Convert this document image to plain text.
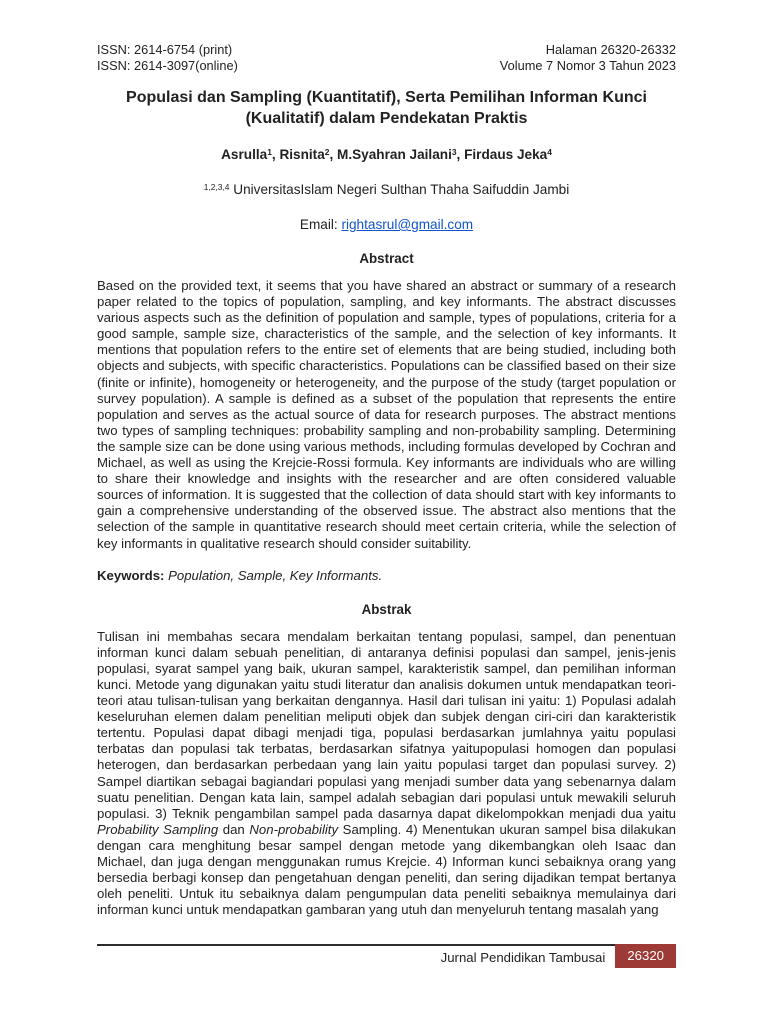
ISSN: 2614-6754 (print)
ISSN: 2614-3097(online)
Halaman 26320-26332
Volume 7 Nomor 3 Tahun 2023
Populasi dan Sampling (Kuantitatif), Serta Pemilihan Informan Kunci (Kualitatif) dalam Pendekatan Praktis
Asrulla$^1$, Risnita$^2$, M.Syahran Jailani$^3$, Firdaus Jeka$^4$
$^{1,2,3,4}$ UniversitasIslam Negeri Sulthan Thaha Saifuddin Jambi
Email: rightasrul@gmail.com
Abstract

Based on the provided text, it seems that you have shared an abstract or summary of a research paper related to the topics of population, sampling, and key informants. The abstract discusses various aspects such as the definition of population and sample, types of populations, criteria for a good sample, sample size, characteristics of the sample, and the selection of key informants. It mentions that population refers to the entire set of elements that are being studied, including both objects and subjects, with specific characteristics. Populations can be classified based on their size (finite or infinite), homogeneity or heterogeneity, and the purpose of the study (target population or survey population). A sample is defined as a subset of the population that represents the entire population and serves as the actual source of data for research purposes. The abstract mentions two types of sampling techniques: probability sampling and non-probability sampling. Determining the sample size can be done using various methods, including formulas developed by Cochran and Michael, as well as using the Krejcie-Rossi formula. Key informants are individuals who are willing to share their knowledge and insights with the researcher and are often considered valuable sources of information. It is suggested that the collection of data should start with key informants to gain a comprehensive understanding of the observed issue. The abstract also mentions that the selection of the sample in quantitative research should meet certain criteria, while the selection of key informants in qualitative research should consider suitability.

Keywords: Population, Sample, Key Informants.
Abstrak

Tulisan ini membahas secara mendalam berkaitan tentang populasi, sampel, dan penentuan informan kunci dalam sebuah penelitian, di antaranya definisi populasi dan sampel, jenis-jenis populasi, syarat sampel yang baik, ukuran sampel, karakteristik sampel, dan pemilihan informan kunci. Metode yang digunakan yaitu studi literatur dan analisis dokumen untuk mendapatkan teori-teori atau tulisan-tulisan yang berkaitan dengannya. Hasil dari tulisan ini yaitu: 1) Populasi adalah keseluruhan elemen dalam penelitian meliputi objek dan subjek dengan ciri-ciri dan karakteristik tertentu. Populasi dapat dibagi menjadi tiga, populasi berdasarkan jumlahnya yaitu populasi terbatas dan populasi tak terbatas, berdasarkan sifatnya yaitupopulasi homogen dan populasi heterogen, dan berdasarkan perbedaan yang lain yaitu populasi target dan populasi survey. 2) Sampel diartikan sebagai bagiandari populasi yang menjadi sumber data yang sebenarnya dalam suatu penelitian. Dengan kata lain, sampel adalah sebagian dari populasi untuk mewakili seluruh populasi. 3) Teknik pengambilan sampel pada dasarnya dapat dikelompokkan menjadi dua yaitu Probability Sampling dan Non-probability Sampling. 4) Menentukan ukuran sampel bisa dilakukan dengan cara menghitung besar sampel dengan metode yang dikembangkan oleh Isaac dan Michael, dan juga dengan menggunakan rumus Krejcie. 4) Informan kunci sebaiknya orang yang bersedia berbagi konsep dan pengetahuan dengan peneliti, dan sering dijadikan tempat bertanya oleh peneliti. Untuk itu sebaiknya dalam pengumpulan data peneliti sebaiknya memulainya dari informan kunci untuk mendapatkan gambaran yang utuh dan menyeluruh tentang masalah yang

Jurnal Pendidikan Tambusai	26320
